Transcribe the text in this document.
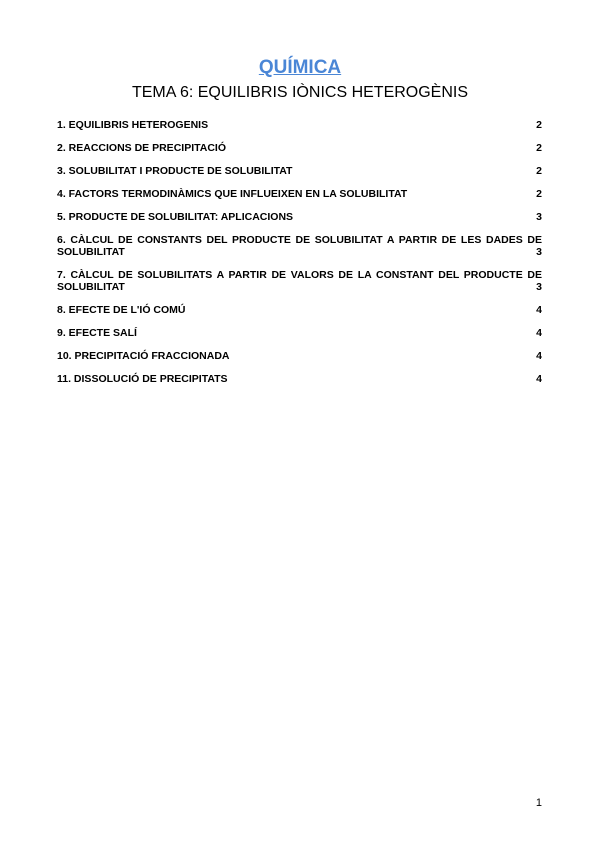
QUÍMICA
TEMA 6: EQUILIBRIS IÒNICS HETEROGÈNIS
1. EQUILIBRIS HETEROGENIS	2
2. REACCIONS DE PRECIPITACIÓ	2
3. SOLUBILITAT I PRODUCTE DE SOLUBILITAT	2
4. FACTORS TERMODINÀMICS QUE INFLUEIXEN EN LA SOLUBILITAT	2
5. PRODUCTE DE SOLUBILITAT: APLICACIONS	3
6. CÀLCUL DE CONSTANTS DEL PRODUCTE DE SOLUBILITAT A PARTIR DE LES DADES DE SOLUBILITAT	3
7. CÀLCUL DE SOLUBILITATS A PARTIR DE VALORS DE LA CONSTANT DEL PRODUCTE DE SOLUBILITAT	3
8. EFECTE DE L'IÓ COMÚ	4
9. EFECTE SALÍ	4
10. PRECIPITACIÓ FRACCIONADA	4
11. DISSOLUCIÓ DE PRECIPITATS	4
1
